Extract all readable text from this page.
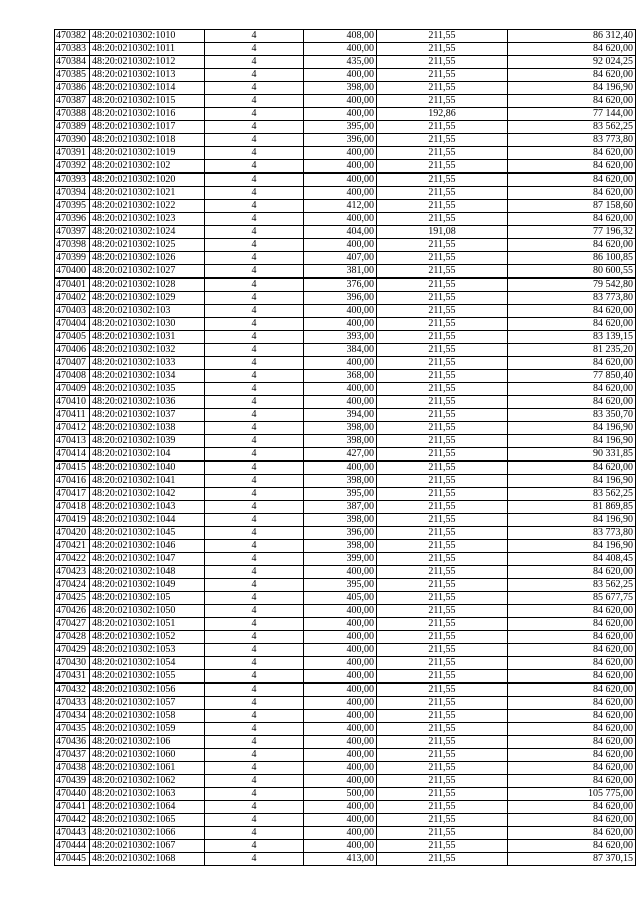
470382	48:20:0210302:1010	4	408,00	211,55	86 312,40
470383	48:20:0210302:1011	4	400,00	211,55	84 620,00
470384	48:20:0210302:1012	4	435,00	211,55	92 024,25
470385	48:20:0210302:1013	4	400,00	211,55	84 620,00
470386	48:20:0210302:1014	4	398,00	211,55	84 196,90
470387	48:20:0210302:1015	4	400,00	211,55	84 620,00
470388	48:20:0210302:1016	4	400,00	192,86	77 144,00
470389	48:20:0210302:1017	4	395,00	211,55	83 562,25
470390	48:20:0210302:1018	4	396,00	211,55	83 773,80
470391	48:20:0210302:1019	4	400,00	211,55	84 620,00
470392	48:20:0210302:102	4	400,00	211,55	84 620,00
470393	48:20:0210302:1020	4	400,00	211,55	84 620,00
470394	48:20:0210302:1021	4	400,00	211,55	84 620,00
470395	48:20:0210302:1022	4	412,00	211,55	87 158,60
470396	48:20:0210302:1023	4	400,00	211,55	84 620,00
470397	48:20:0210302:1024	4	404,00	191,08	77 196,32
470398	48:20:0210302:1025	4	400,00	211,55	84 620,00
470399	48:20:0210302:1026	4	407,00	211,55	86 100,85
470400	48:20:0210302:1027	4	381,00	211,55	80 600,55
470401	48:20:0210302:1028	4	376,00	211,55	79 542,80
470402	48:20:0210302:1029	4	396,00	211,55	83 773,80
470403	48:20:0210302:103	4	400,00	211,55	84 620,00
470404	48:20:0210302:1030	4	400,00	211,55	84 620,00
470405	48:20:0210302:1031	4	393,00	211,55	83 139,15
470406	48:20:0210302:1032	4	384,00	211,55	81 235,20
470407	48:20:0210302:1033	4	400,00	211,55	84 620,00
470408	48:20:0210302:1034	4	368,00	211,55	77 850,40
470409	48:20:0210302:1035	4	400,00	211,55	84 620,00
470410	48:20:0210302:1036	4	400,00	211,55	84 620,00
470411	48:20:0210302:1037	4	394,00	211,55	83 350,70
470412	48:20:0210302:1038	4	398,00	211,55	84 196,90
470413	48:20:0210302:1039	4	398,00	211,55	84 196,90
470414	48:20:0210302:104	4	427,00	211,55	90 331,85
470415	48:20:0210302:1040	4	400,00	211,55	84 620,00
470416	48:20:0210302:1041	4	398,00	211,55	84 196,90
470417	48:20:0210302:1042	4	395,00	211,55	83 562,25
470418	48:20:0210302:1043	4	387,00	211,55	81 869,85
470419	48:20:0210302:1044	4	398,00	211,55	84 196,90
470420	48:20:0210302:1045	4	396,00	211,55	83 773,80
470421	48:20:0210302:1046	4	398,00	211,55	84 196,90
470422	48:20:0210302:1047	4	399,00	211,55	84 408,45
470423	48:20:0210302:1048	4	400,00	211,55	84 620,00
470424	48:20:0210302:1049	4	395,00	211,55	83 562,25
470425	48:20:0210302:105	4	405,00	211,55	85 677,75
470426	48:20:0210302:1050	4	400,00	211,55	84 620,00
470427	48:20:0210302:1051	4	400,00	211,55	84 620,00
470428	48:20:0210302:1052	4	400,00	211,55	84 620,00
470429	48:20:0210302:1053	4	400,00	211,55	84 620,00
470430	48:20:0210302:1054	4	400,00	211,55	84 620,00
470431	48:20:0210302:1055	4	400,00	211,55	84 620,00
470432	48:20:0210302:1056	4	400,00	211,55	84 620,00
470433	48:20:0210302:1057	4	400,00	211,55	84 620,00
470434	48:20:0210302:1058	4	400,00	211,55	84 620,00
470435	48:20:0210302:1059	4	400,00	211,55	84 620,00
470436	48:20:0210302:106	4	400,00	211,55	84 620,00
470437	48:20:0210302:1060	4	400,00	211,55	84 620,00
470438	48:20:0210302:1061	4	400,00	211,55	84 620,00
470439	48:20:0210302:1062	4	400,00	211,55	84 620,00
470440	48:20:0210302:1063	4	500,00	211,55	105 775,00
470441	48:20:0210302:1064	4	400,00	211,55	84 620,00
470442	48:20:0210302:1065	4	400,00	211,55	84 620,00
470443	48:20:0210302:1066	4	400,00	211,55	84 620,00
470444	48:20:0210302:1067	4	400,00	211,55	84 620,00
470445	48:20:0210302:1068	4	413,00	211,55	87 370,15
